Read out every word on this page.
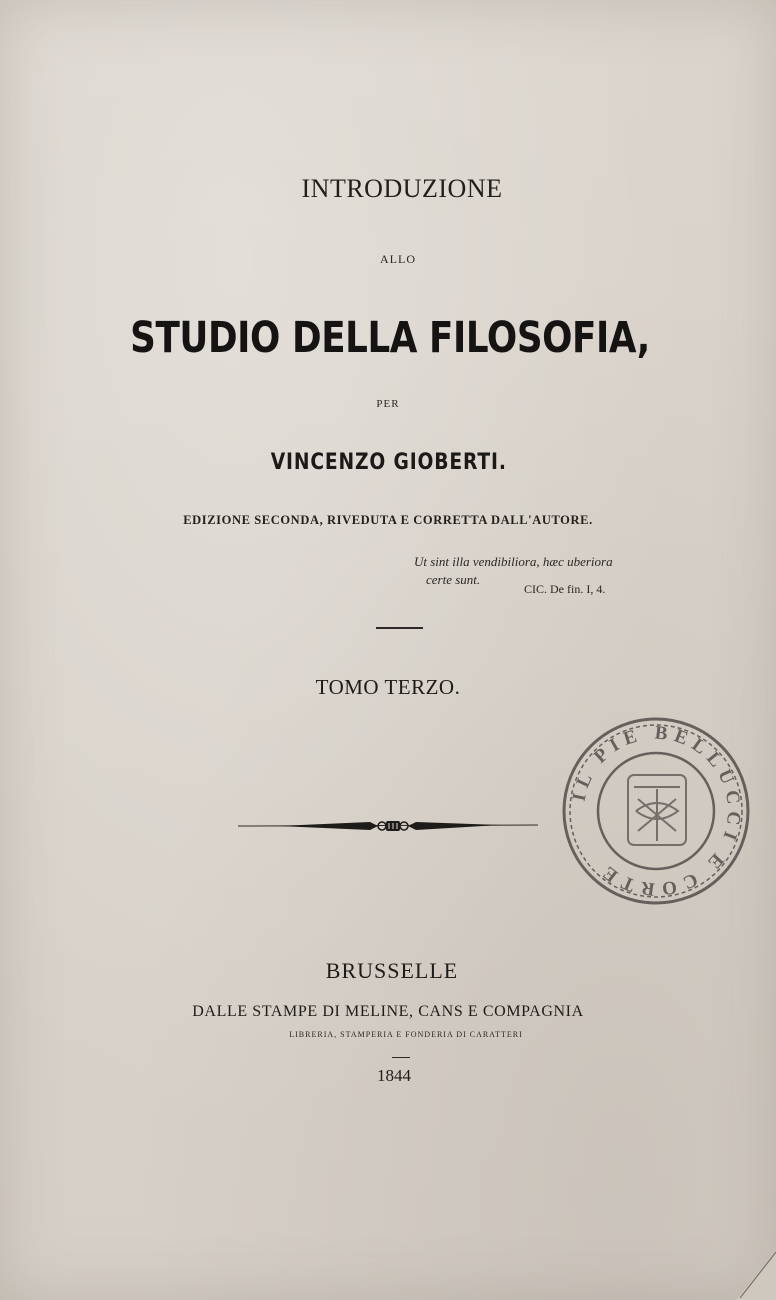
INTRODUZIONE
ALLO
STUDIO DELLA FILOSOFIA,
PER
VINCENZO GIOBERTI.
EDIZIONE SECONDA, RIVEDUTA E CORRETTA DALL'AUTORE.
Ut sint illa vendibiliora, hæc uberiora
certe sunt.
CIC. De fin. I, 4.
TOMO TERZO.
IL PIE BELLUCCI E CORTE
BRUSSELLE
DALLE STAMPE DI MELINE, CANS E COMPAGNIA
LIBRERIA, STAMPERIA E FONDERIA DI CARATTERI
1844
